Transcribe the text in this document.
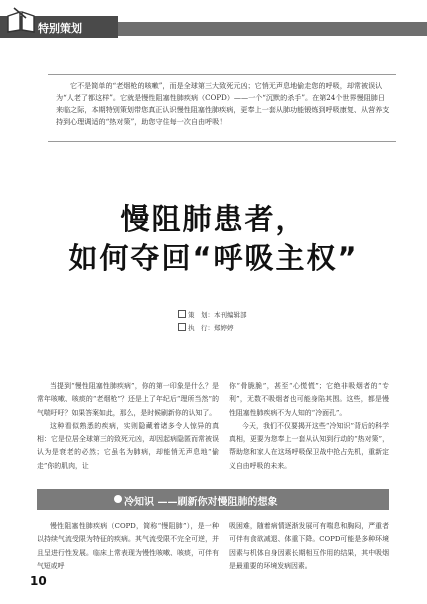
特别策划
它不是简单的“老烟枪的咳嗽”，而是全球第三大致死元凶；它悄无声息地偷走您的呼吸，却常被误认为“人老了都这样”。它就是慢性阻塞性肺疾病（COPD）——一个“沉默的杀手”。在第24个世界慢阻肺日来临之际，本期特别策划带您真正认识慢性阻塞性肺疾病，更奉上一套从肺功能锻炼到呼吸康复、从营养支持到心理调适的“热对策”，助您守住每一次自由呼吸！
慢阻肺患者，
如何夺回“呼吸主权”
策　划：本刊编辑部
执　行：郑婷婷

当提到“慢性阻塞性肺疾病”，你的第一印象是什么？是常年咳嗽、咳痰的“老烟枪”？还是上了年纪后“理所当然”的气喘吁吁？如果答案如此，那么，是时候刷新你的认知了。

这种看似熟悉的疾病，实则隐藏着诸多令人惊异的真相：它是位居全球第三的致死元凶，却因起病隐匿而常被误认为是衰老的必然；它虽名为肺病，却能悄无声息地“偷走”你的肌肉，让

你“骨脆脆”，甚至“心慌慌”；它绝非吸烟者的“专利”，无数不吸烟者也可能身陷其围。这些，都是慢性阻塞性肺疾病不为人知的“冷面孔”。

今天，我们不仅要揭开这些“冷知识”背后的科学真相，更要为您奉上一套从认知到行动的“热对策”，帮助您和家人在这场呼吸保卫战中抢占先机，重新定义自由呼吸的未来。

冷知识 ——刷新你对慢阻肺的想象

慢性阻塞性肺疾病（COPD，简称“慢阻肺”），是一种以持续气流受限为特征的疾病。其气流受限不完全可逆，并且呈进行性发展。临床上常表现为慢性咳嗽、咳痰，可伴有气短或呼

吸困难，随着病情逐渐发展可有喘息和胸闷，严重者可伴有食欲减退、体重下降。COPD可能是多种环境因素与机体自身因素长期相互作用的结果，其中吸烟是最重要的环境发病因素。

10
